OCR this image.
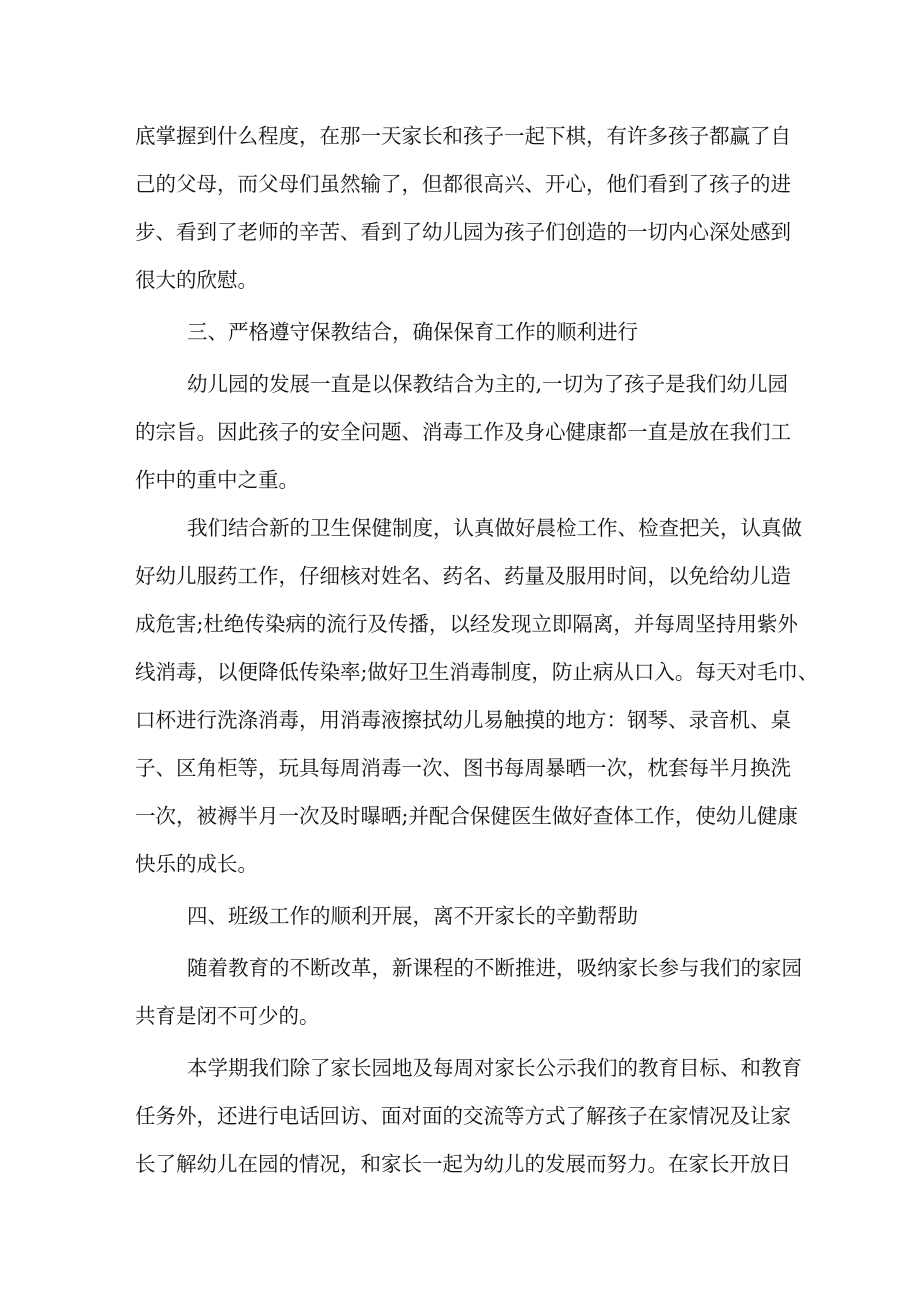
底掌握到什么程度，在那一天家长和孩子一起下棋，有许多孩子都赢了自
己的父母，而父母们虽然输了，但都很高兴、开心，他们看到了孩子的进
步、看到了老师的辛苦、看到了幼儿园为孩子们创造的一切内心深处感到
很大的欣慰。
三、严格遵守保教结合，确保保育工作的顺利进行
幼儿园的发展一直是以保教结合为主的,一切为了孩子是我们幼儿园
的宗旨。因此孩子的安全问题、消毒工作及身心健康都一直是放在我们工
作中的重中之重。
我们结合新的卫生保健制度，认真做好晨检工作、检查把关，认真做
好幼儿服药工作，仔细核对姓名、药名、药量及服用时间，以免给幼儿造
成危害;杜绝传染病的流行及传播，以经发现立即隔离，并每周坚持用紫外
线消毒，以便降低传染率;做好卫生消毒制度，防止病从口入。每天对毛巾、
口杯进行洗涤消毒，用消毒液擦拭幼儿易触摸的地方：钢琴、录音机、桌
子、区角柜等，玩具每周消毒一次、图书每周暴晒一次，枕套每半月换洗
一次，被褥半月一次及时曝晒;并配合保健医生做好查体工作，使幼儿健康
快乐的成长。
四、班级工作的顺利开展，离不开家长的辛勤帮助
随着教育的不断改革，新课程的不断推进，吸纳家长参与我们的家园
共育是闭不可少的。
本学期我们除了家长园地及每周对家长公示我们的教育目标、和教育
任务外，还进行电话回访、面对面的交流等方式了解孩子在家情况及让家
长了解幼儿在园的情况，和家长一起为幼儿的发展而努力。在家长开放日
